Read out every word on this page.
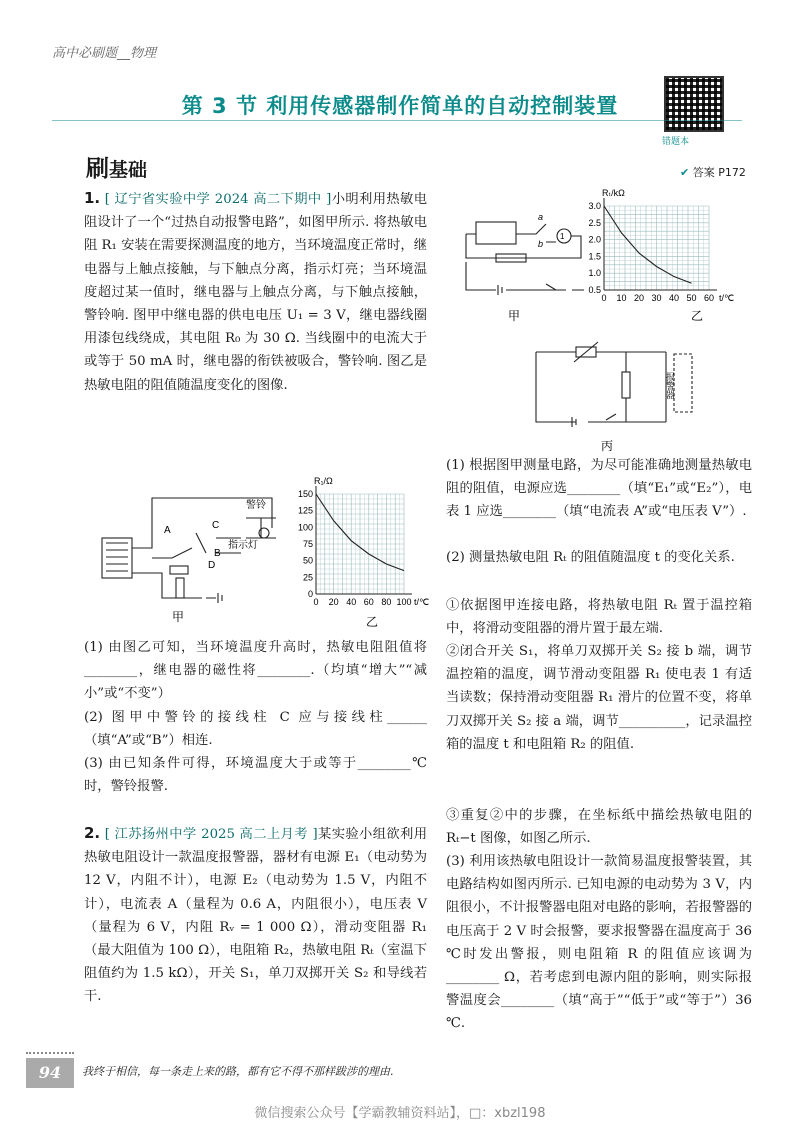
高中必刷题__物理
第 3 节 利用传感器制作简单的自动控制装置
错题本
刷基础	✔ 答案 P172
1. [ 辽宁省实验中学 2024 高二下期中 ]小明利用热敏电阻设计了一个“过热自动报警电路”，如图甲所示. 将热敏电阻 R₁ 安装在需要探测温度的地方，当环境温度正常时，继电器与上触点接触，与下触点分离，指示灯亮；当环境温度超过某一值时，继电器与上触点分离，与下触点接触，警铃响. 图甲中继电器的供电电压 U₁ = 3 V，继电器线圈用漆包线绕成，其电阻 R₀ 为 30 Ω. 当线圈中的电流大于或等于 50 mA 时，继电器的衔铁被吸合，警铃响. 图乙是热敏电阻的阻值随温度变化的图像.
A
B
C
D
警铃
指示灯
甲
0 20 40 60 80 100
0
25
50
75
100
125
150
t/℃
R₁/Ω
乙
(1) 由图乙可知，当环境温度升高时，热敏电阻阻值将________，继电器的磁性将________.（均填“增大”“减小”或“不变”）
(2) 图甲中警铃的接线柱 C 应与接线柱______（填“A”或“B”）相连.
(3) 由已知条件可得，环境温度大于或等于________℃时，警铃报警.
2. [ 江苏扬州中学 2025 高二上月考 ]某实验小组欲利用热敏电阻设计一款温度报警器，器材有电源 E₁（电动势为 12 V，内阻不计），电源 E₂（电动势为 1.5 V，内阻不计），电流表 A（量程为 0.6 A，内阻很小），电压表 V（量程为 6 V，内阻 Rᵥ = 1 000 Ω），滑动变阻器 R₁（最大阻值为 100 Ω），电阻箱 R₂，热敏电阻 Rₜ（室温下阻值约为 1.5 kΩ），开关 S₁，单刀双掷开关 S₂ 和导线若干.
1
a
b
甲
0 10 20 30 40 50 60
0.5
1.0
1.5
2.0
2.5
3.0
t/℃
Rₜ/kΩ
乙
报警器
丙
(1) 根据图甲测量电路，为尽可能准确地测量热敏电阻的阻值，电源应选________（填“E₁”或“E₂”），电表 1 应选________（填“电流表 A”或“电压表 V”）.
(2) 测量热敏电阻 Rₜ 的阻值随温度 t 的变化关系.
①依据图甲连接电路，将热敏电阻 Rₜ 置于温控箱中，将滑动变阻器的滑片置于最左端.
②闭合开关 S₁，将单刀双掷开关 S₂ 接 b 端，调节温控箱的温度，调节滑动变阻器 R₁ 使电表 1 有适当读数；保持滑动变阻器 R₁ 滑片的位置不变，将单刀双掷开关 S₂ 接 a 端，调节__________，记录温控箱的温度 t 和电阻箱 R₂ 的阻值.
③重复②中的步骤，在坐标纸中描绘热敏电阻的 Rₜ−t 图像，如图乙所示.
(3) 利用该热敏电阻设计一款简易温度报警装置，其电路结构如图丙所示. 已知电源的电动势为 3 V，内阻很小，不计报警器电阻对电路的影响，若报警器的电压高于 2 V 时会报警，要求报警器在温度高于 36 ℃时发出警报，则电阻箱 R 的阻值应该调为________ Ω，若考虑到电源内阻的影响，则实际报警温度会________（填“高于”“低于”或“等于”）36 ℃.
94	我终于相信，每一条走上来的路，都有它不得不那样跋涉的理由.
微信搜索公众号【学霸教辅资料站】，□：xbzl198
